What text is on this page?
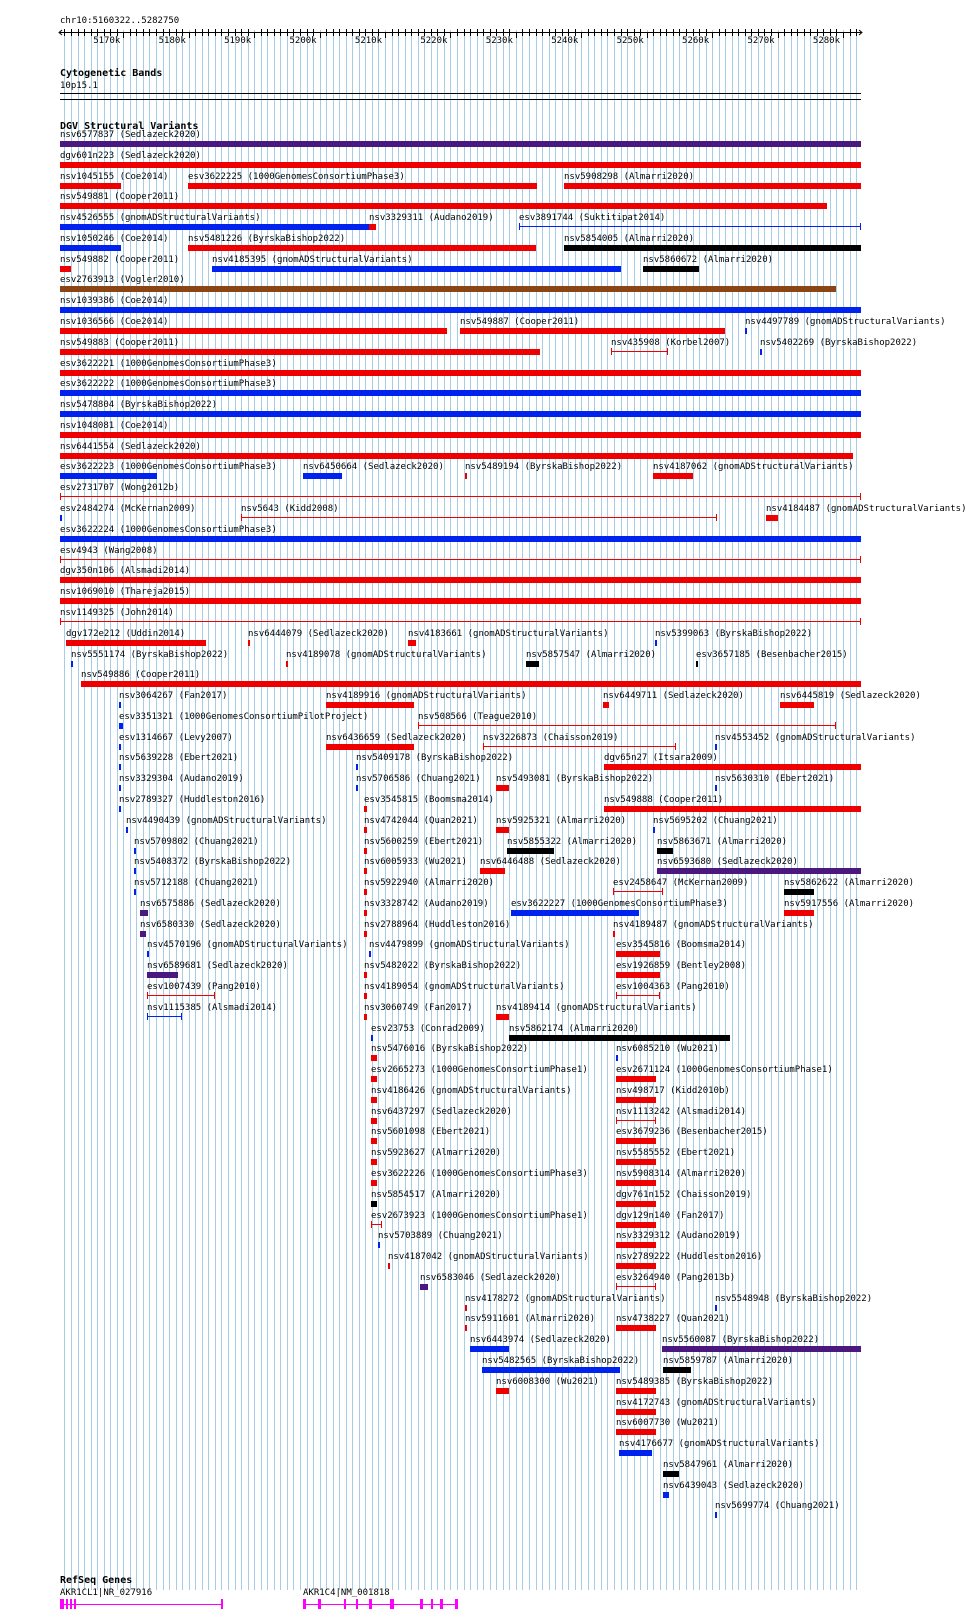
chr10:5160322..5282750
5170k	5180k	5190k	5200k	5210k	5220k	5230k	5240k	5250k	5260k	5270k	5280k
Cytogenetic Bands
10p15.1
DGV Structural Variants
nsv6577837 (Sedlazeck2020)
dgv601n223 (Sedlazeck2020)
nsv1045155 (Coe2014) esv3622225 (1000GenomesConsortiumPhase3)	nsv5908298 (Almarri2020)
nsv549881 (Cooper2011)
nsv4526555 (gnomADStructuralVariants)	nsv3329311 (Audano2019)	esv3891744 (Suktitipat2014)
nsv1050246 (Coe2014) nsv5481226 (ByrskaBishop2022)	nsv5854005 (Almarri2020)
nsv549882 (Cooper2011)	nsv4185395 (gnomADStructuralVariants)	nsv5860672 (Almarri2020)
esv2763913 (Vogler2010)
nsv1039386 (Coe2014)
nsv1036566 (Coe2014)	nsv549887 (Cooper2011)	nsv4497789 (gnomADStructuralVariants)
nsv549883 (Cooper2011)	nsv435908 (Korbel2007)	nsv5402269 (ByrskaBishop2022)
esv3622221 (1000GenomesConsortiumPhase3)
esv3622222 (1000GenomesConsortiumPhase3)
nsv5478804 (ByrskaBishop2022)
nsv1048081 (Coe2014)
nsv6441554 (Sedlazeck2020)
esv3622223 (1000GenomesConsortiumPhase3)	nsv6450664 (Sedlazeck2020) nsv5489194 (ByrskaBishop2022)	nsv4187062 (gnomADStructuralVariants)
esv2731707 (Wong2012b)
esv2484274 (McKernan2009)	nsv5643 (Kidd2008)	nsv4184487 (gnomADStructuralVariants)
esv3622224 (1000GenomesConsortiumPhase3)
esv4943 (Wang2008)
dgv350n106 (Alsmadi2014)
nsv1069010 (Thareja2015)
nsv1149325 (John2014)
dgv172e212 (Uddin2014)	nsv6444079 (Sedlazeck2020) nsv4183661 (gnomADStructuralVariants)	nsv5399063 (ByrskaBishop2022)
nsv5551174 (ByrskaBishop2022)	nsv4189078 (gnomADStructuralVariants)	nsv5857547 (Almarri2020)	esv3657185 (Besenbacher2015)
nsv549886 (Cooper2011)
nsv3064267 (Fan2017)	nsv4189916 (gnomADStructuralVariants)	nsv6449711 (Sedlazeck2020)	nsv6445819 (Sedlazeck2020)
esv3351321 (1000GenomesConsortiumPilotProject)	nsv508566 (Teague2010)
esv1314667 (Levy2007)	nsv6436659 (Sedlazeck2020) nsv3226873 (Chaisson2019)	nsv4553452 (gnomADStructuralVariants)
nsv5639228 (Ebert2021)	nsv5409178 (ByrskaBishop2022)	dgv65n27 (Itsara2009)
nsv3329304 (Audano2019)	nsv5706586 (Chuang2021) nsv5493081 (ByrskaBishop2022)	nsv5630310 (Ebert2021)
nsv2789327 (Huddleston2016)	esv3545815 (Boomsma2014)	nsv549888 (Cooper2011)
nsv4490439 (gnomADStructuralVariants)	nsv4742044 (Quan2021) nsv5925321 (Almarri2020)	nsv5695202 (Chuang2021)
nsv5709802 (Chuang2021)	nsv5600259 (Ebert2021)	nsv5855322 (Almarri2020) nsv5863671 (Almarri2020)
nsv5408372 (ByrskaBishop2022)	nsv6005933 (Wu2021) nsv6446488 (Sedlazeck2020)	nsv6593680 (Sedlazeck2020)
nsv5712188 (Chuang2021)	nsv5922940 (Almarri2020)	esv2458647 (McKernan2009)	nsv5862622 (Almarri2020)
nsv6575886 (Sedlazeck2020)	nsv3328742 (Audano2019) esv3622227 (1000GenomesConsortiumPhase3)	nsv5917556 (Almarri2020)
nsv6580330 (Sedlazeck2020)	nsv2788964 (Huddleston2016)	nsv4189487 (gnomADStructuralVariants)
nsv4570196 (gnomADStructuralVariants) nsv4479899 (gnomADStructuralVariants)	esv3545816 (Boomsma2014)
nsv6589681 (Sedlazeck2020)	nsv5482022 (ByrskaBishop2022)	esv1926859 (Bentley2008)
esv1007439 (Pang2010)	nsv4189054 (gnomADStructuralVariants)	esv1004363 (Pang2010)
nsv1115385 (Alsmadi2014)	nsv3060749 (Fan2017)	nsv4189414 (gnomADStructuralVariants)
esv23753 (Conrad2009)	nsv5862174 (Almarri2020)
nsv5476016 (ByrskaBishop2022)	nsv6085210 (Wu2021)
esv2665273 (1000GenomesConsortiumPhase1)	esv2671124 (1000GenomesConsortiumPhase1)
nsv4186426 (gnomADStructuralVariants)	nsv498717 (Kidd2010b)
nsv6437297 (Sedlazeck2020)	nsv1113242 (Alsmadi2014)
nsv5601098 (Ebert2021)	esv3679236 (Besenbacher2015)
nsv5923627 (Almarri2020)	nsv5585552 (Ebert2021)
esv3622226 (1000GenomesConsortiumPhase3)	nsv5908314 (Almarri2020)
nsv5854517 (Almarri2020)	dgv761n152 (Chaisson2019)
esv2673923 (1000GenomesConsortiumPhase1)	dgv129n140 (Fan2017)
nsv5703889 (Chuang2021)	nsv3329312 (Audano2019)
nsv4187042 (gnomADStructuralVariants)	nsv2789222 (Huddleston2016)
nsv6583046 (Sedlazeck2020)	esv3264940 (Pang2013b)
nsv4178272 (gnomADStructuralVariants)	nsv5548948 (ByrskaBishop2022)
nsv5911601 (Almarri2020) nsv4738227 (Quan2021)
nsv6443974 (Sedlazeck2020)	nsv5560087 (ByrskaBishop2022)
nsv5482565 (ByrskaBishop2022)	nsv5859787 (Almarri2020)
nsv6008300 (Wu2021) nsv5489385 (ByrskaBishop2022)
nsv4172743 (gnomADStructuralVariants)
nsv6007730 (Wu2021)
nsv4176677 (gnomADStructuralVariants)
nsv5847961 (Almarri2020)
nsv6439043 (Sedlazeck2020)
nsv5699774 (Chuang2021)
RefSeq Genes
AKR1CL1|NR_027916	AKR1C4|NM_001818
